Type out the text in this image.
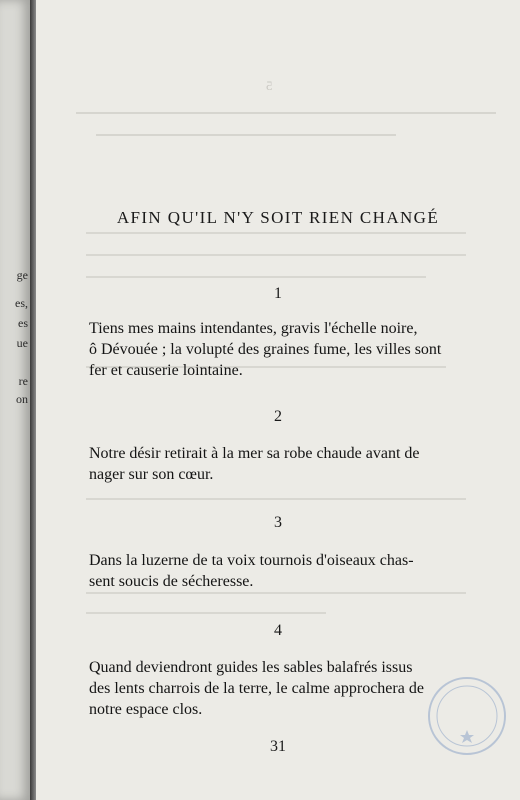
ge
es,
es
ue
re
on
5
AFIN QU'IL N'Y SOIT RIEN CHANGÉ
1
Tiens mes mains intendantes, gravis l'échelle noire,
ô Dévouée ; la volupté des graines fume, les villes sont
fer et causerie lointaine.
2
Notre désir retirait à la mer sa robe chaude avant de
nager sur son cœur.
3
Dans la luzerne de ta voix tournois d'oiseaux chas-
sent soucis de sécheresse.
4
Quand deviendront guides les sables balafrés issus
des lents charrois de la terre, le calme approchera de
notre espace clos.
31
